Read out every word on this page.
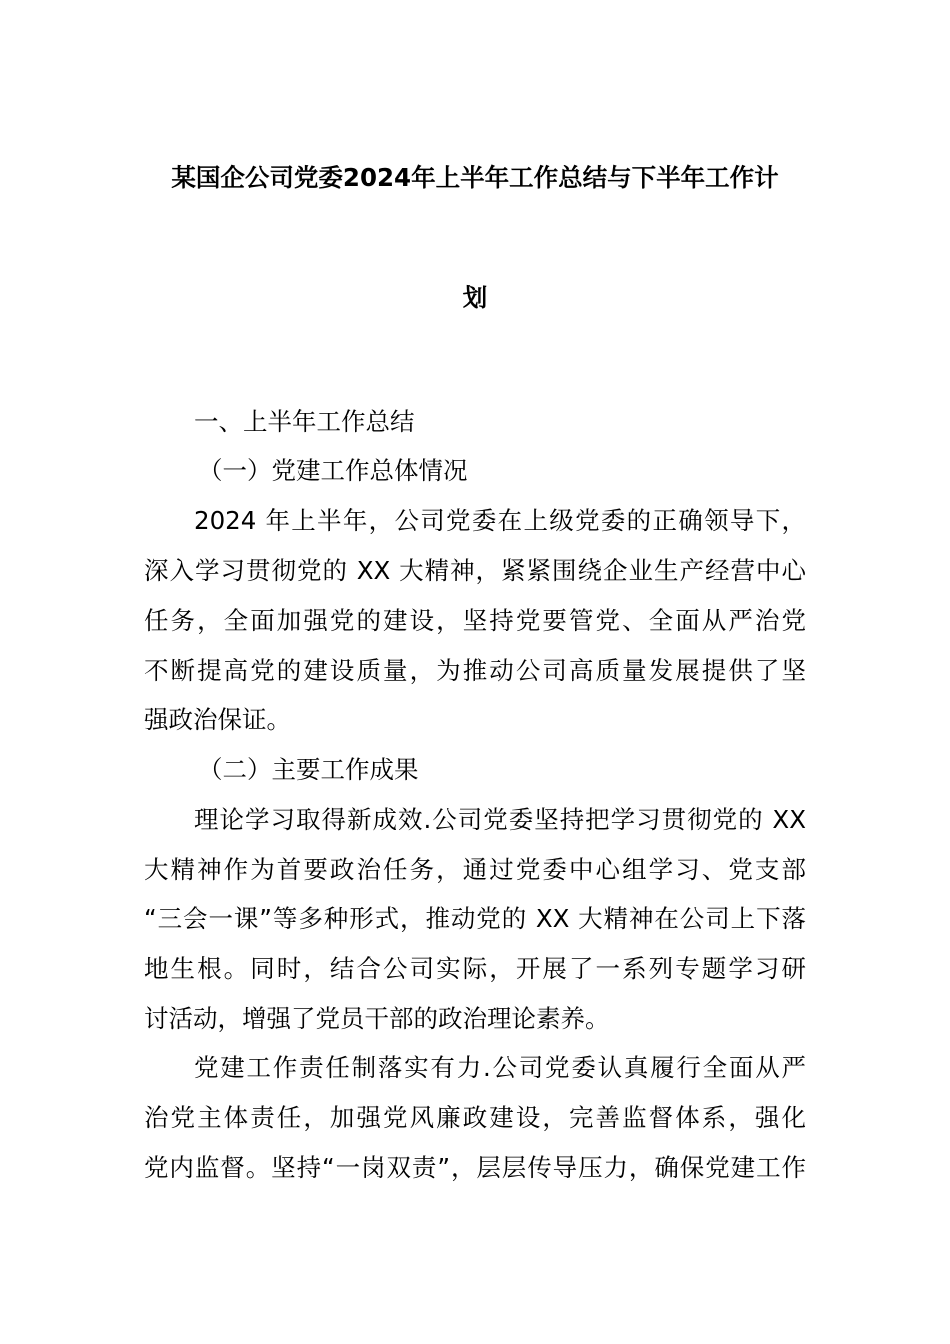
某国企公司党委2024年上半年工作总结与下半年工作计
划
一、上半年工作总结
（一）党建工作总体情况
2024 年上半年，公司党委在上级党委的正确领导下，
深入学习贯彻党的 XX 大精神，紧紧围绕企业生产经营中心
任务，全面加强党的建设，坚持党要管党、全面从严治党
不断提高党的建设质量，为推动公司高质量发展提供了坚
强政治保证。
（二）主要工作成果
理论学习取得新成效.公司党委坚持把学习贯彻党的 XX
大精神作为首要政治任务，通过党委中心组学习、党支部
“三会一课”等多种形式，推动党的 XX 大精神在公司上下落
地生根。同时，结合公司实际，开展了一系列专题学习研
讨活动，增强了党员干部的政治理论素养。
党建工作责任制落实有力.公司党委认真履行全面从严
治党主体责任，加强党风廉政建设，完善监督体系，强化
党内监督。坚持“一岗双责”，层层传导压力，确保党建工作
